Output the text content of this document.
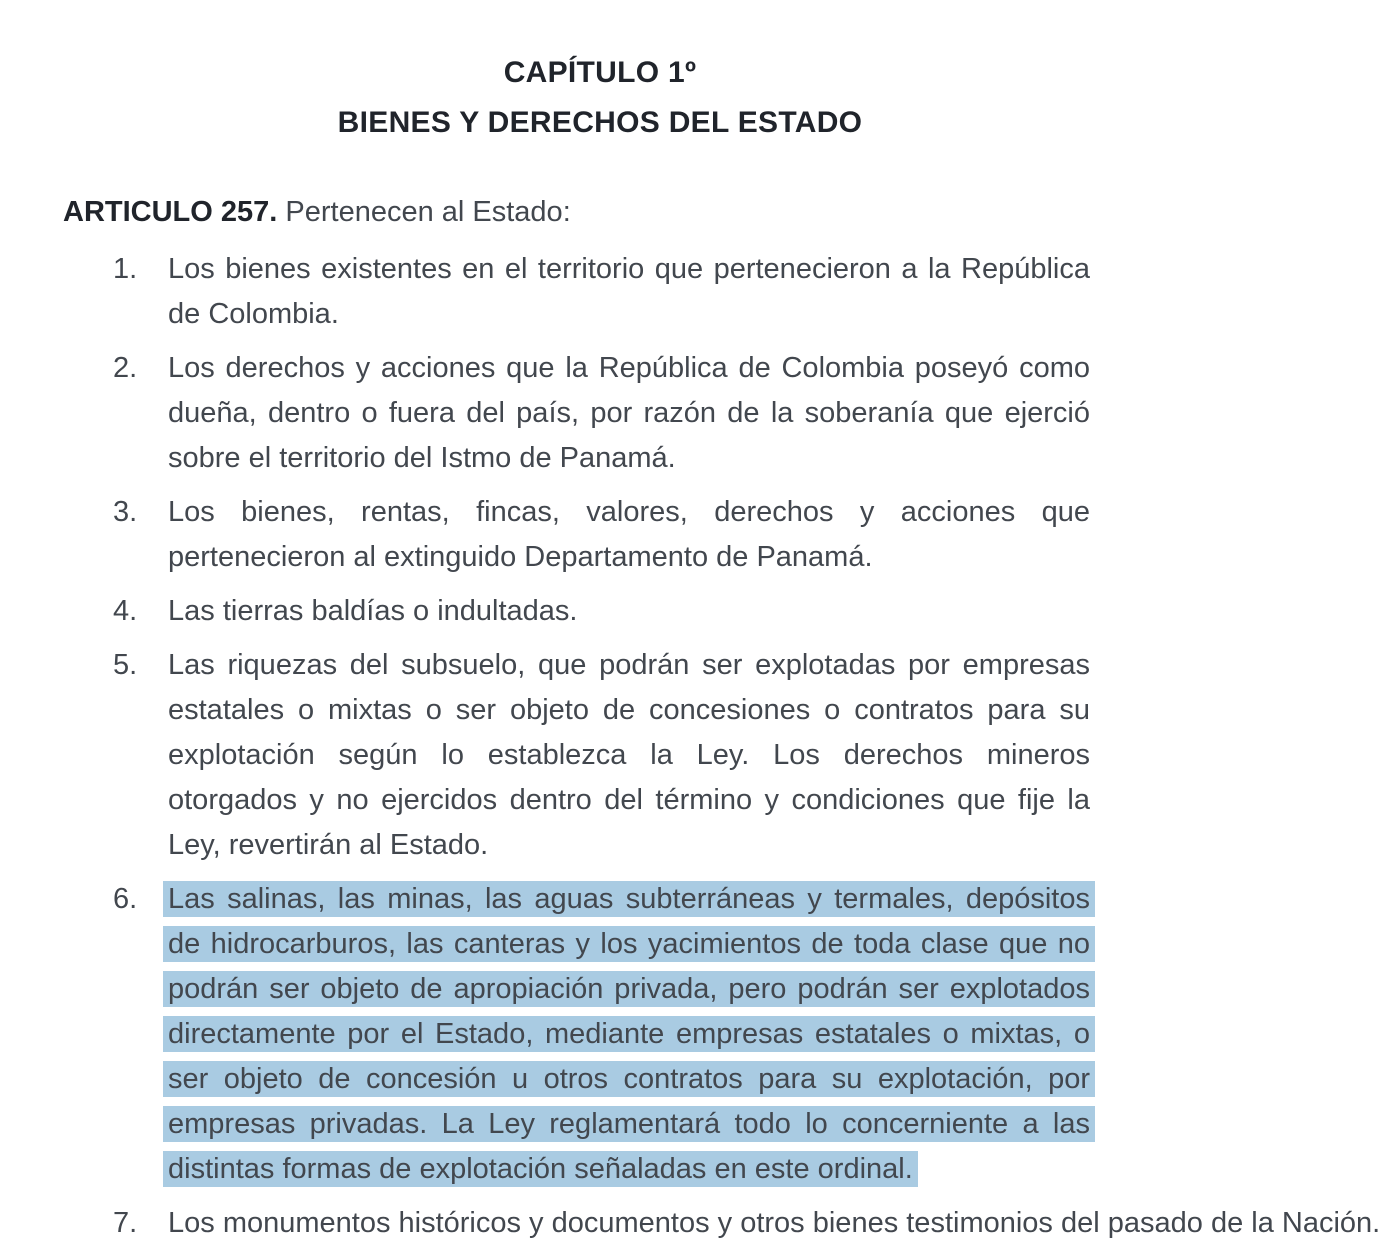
CAPÍTULO 1º
BIENES Y DERECHOS DEL ESTADO

ARTICULO 257. Pertenecen al Estado:

1.	Los bienes existentes en el territorio que pertenecieron a la República de Colombia.
2.	Los derechos y acciones que la República de Colombia poseyó como dueña, dentro o fuera del país, por razón de la soberanía que ejerció sobre el territorio del Istmo de Panamá.
3.	Los bienes, rentas, fincas, valores, derechos y acciones que pertenecieron al extinguido Departamento de Panamá.
4.	Las tierras baldías o indultadas.
5.	Las riquezas del subsuelo, que podrán ser explotadas por empresas estatales o mixtas o ser objeto de concesiones o contratos para su explotación según lo establezca la Ley. Los derechos mineros otorgados y no ejercidos dentro del término y condiciones que fije la Ley, revertirán al Estado.
6.	Las salinas, las minas, las aguas subterráneas y termales, depósitos de hidrocarburos, las canteras y los yacimientos de toda clase que no podrán ser objeto de apropiación privada, pero podrán ser explotados directamente por el Estado, mediante empresas estatales o mixtas, o ser objeto de concesión u otros contratos para su explotación, por empresas privadas. La Ley reglamentará todo lo concerniente a las distintas formas de explotación señaladas en este ordinal.
7.	Los monumentos históricos y documentos y otros bienes testimonios del pasado de la Nación.
